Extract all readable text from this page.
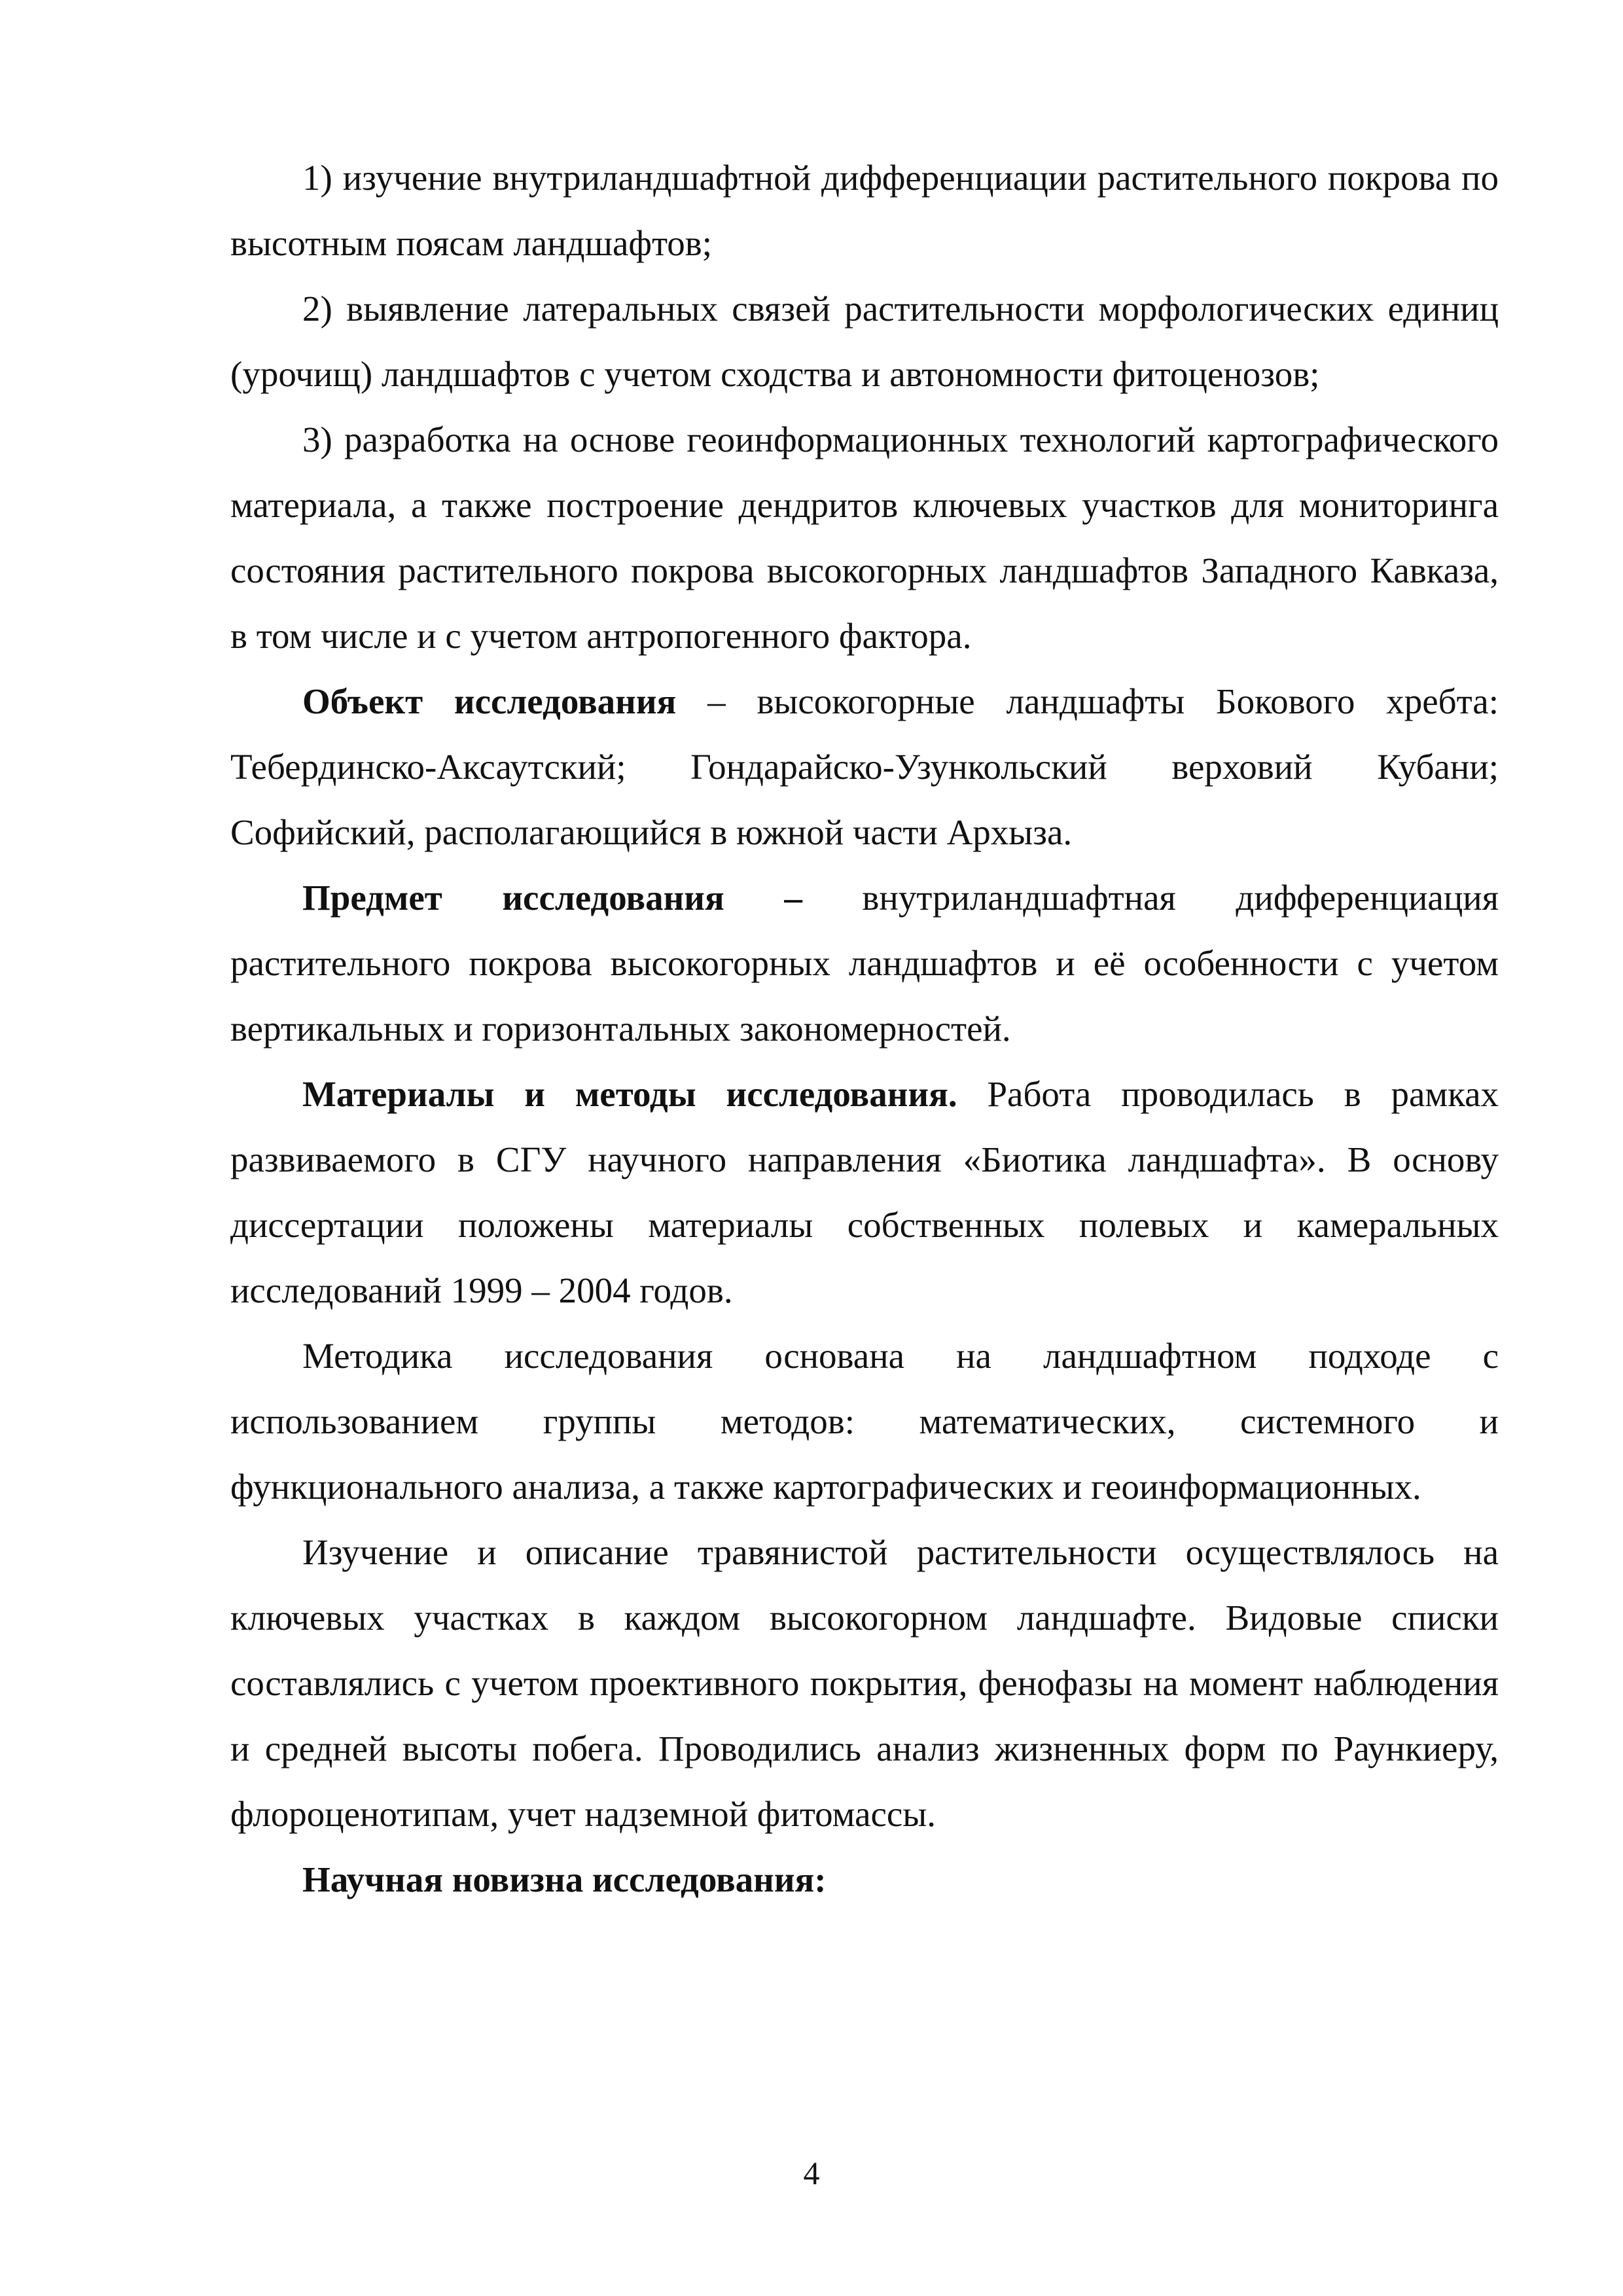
1) изучение внутриландшафтной дифференциации растительного покрова по высотным поясам ландшафтов;

2) выявление латеральных связей растительности морфологических единиц (урочищ) ландшафтов с учетом сходства и автономности фитоценозов;

3) разработка на основе геоинформационных технологий картографического материала, а также построение дендритов ключевых участков для мониторинга состояния растительного покрова высокогорных ландшафтов Западного Кавказа, в том числе и с учетом антропогенного фактора.

Объект исследования – высокогорные ландшафты Бокового хребта: Тебердинско-Аксаутский; Гондарайско-Узункольский верховий Кубани; Софийский, располагающийся в южной части Архыза.

Предмет исследования – внутриландшафтная дифференциация растительного покрова высокогорных ландшафтов и её особенности с учетом вертикальных и горизонтальных закономерностей.

Материалы и методы исследования. Работа проводилась в рамках развиваемого в СГУ научного направления «Биотика ландшафта». В основу диссертации положены материалы собственных полевых и камеральных исследований 1999 – 2004 годов.

Методика исследования основана на ландшафтном подходе с использованием группы методов: математических, системного и функционального анализа, а также картографических и геоинформационных.

Изучение и описание травянистой растительности осуществлялось на ключевых участках в каждом высокогорном ландшафте. Видовые списки составлялись с учетом проективного покрытия, фенофазы на момент наблюдения и средней высоты побега. Проводились анализ жизненных форм по Раункиеру, флороценотипам, учет надземной фитомассы.

Научная новизна исследования:

4
